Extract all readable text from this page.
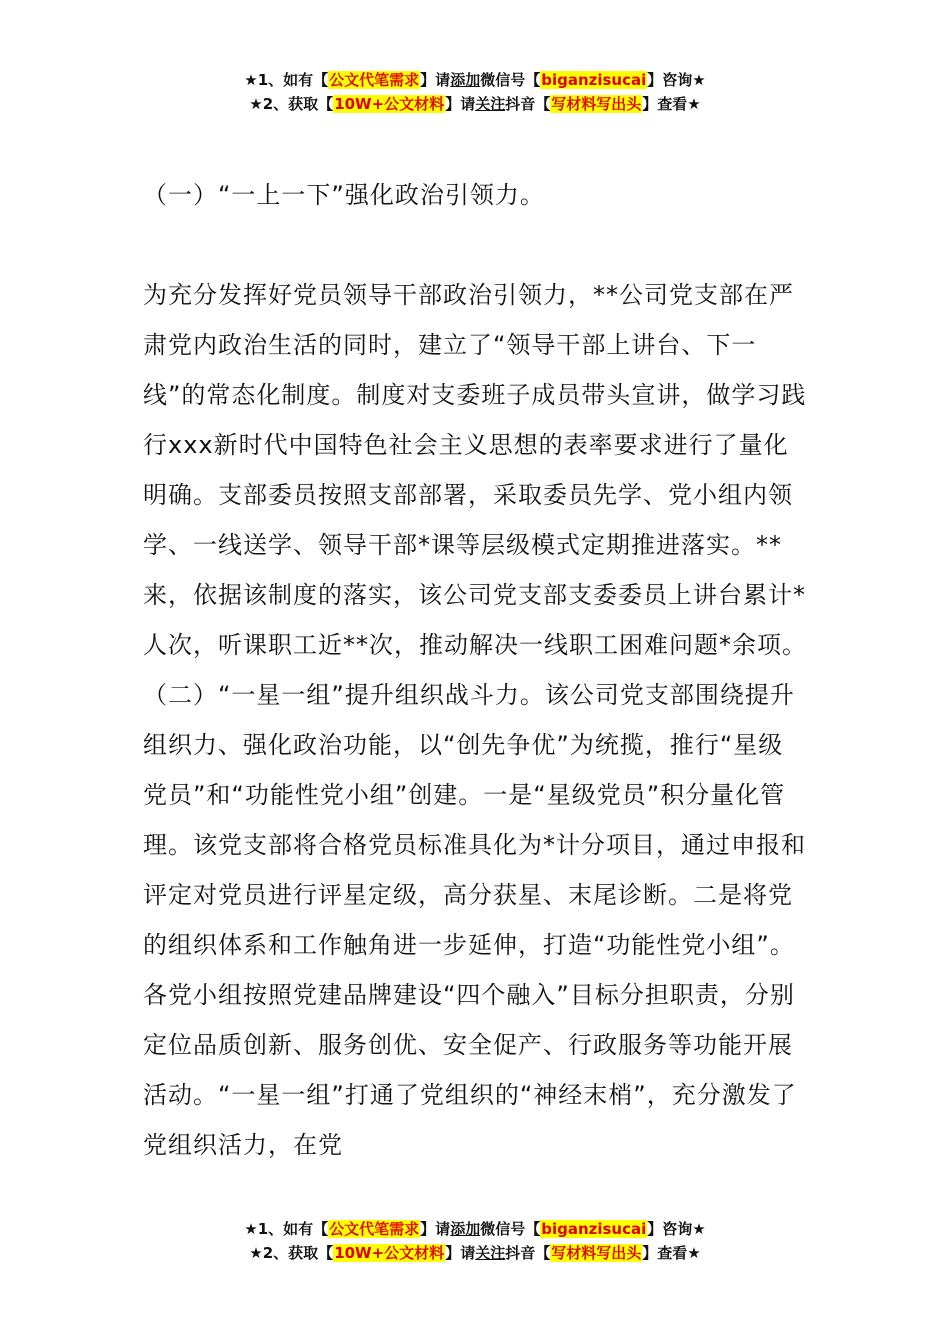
★1、如有【公文代笔需求】请添加微信号【biganzisucai】咨询★
★2、获取【10W+公文材料】请关注抖音【写材料写出头】查看★

（一）“一上一下”强化政治引领力。

为充分发挥好党员领导干部政治引领力，**公司党支部在严肃党内政治生活的同时，建立了“领导干部上讲台、下一线”的常态化制度。制度对支委班子成员带头宣讲，做学习践行xxx新时代中国特色社会主义思想的表率要求进行了量化明确。支部委员按照支部部署，采取委员先学、党小组内领学、一线送学、领导干部*课等层级模式定期推进落实。**来，依据该制度的落实，该公司党支部支委委员上讲台累计*人次，听课职工近**次，推动解决一线职工困难问题*余项。

（二）“一星一组”提升组织战斗力。该公司党支部围绕提升组织力、强化政治功能，以“创先争优”为统揽，推行“星级党员”和“功能性党小组”创建。一是“星级党员”积分量化管理。该党支部将合格党员标准具化为*计分项目，通过申报和评定对党员进行评星定级，高分获星、末尾诊断。二是将党的组织体系和工作触角进一步延伸，打造“功能性党小组”。各党小组按照党建品牌建设“四个融入”目标分担职责，分别定位品质创新、服务创优、安全促产、行政服务等功能开展活动。“一星一组”打通了党组织的“神经末梢”，充分激发了党组织活力，在党

★1、如有【公文代笔需求】请添加微信号【biganzisucai】咨询★
★2、获取【10W+公文材料】请关注抖音【写材料写出头】查看★
